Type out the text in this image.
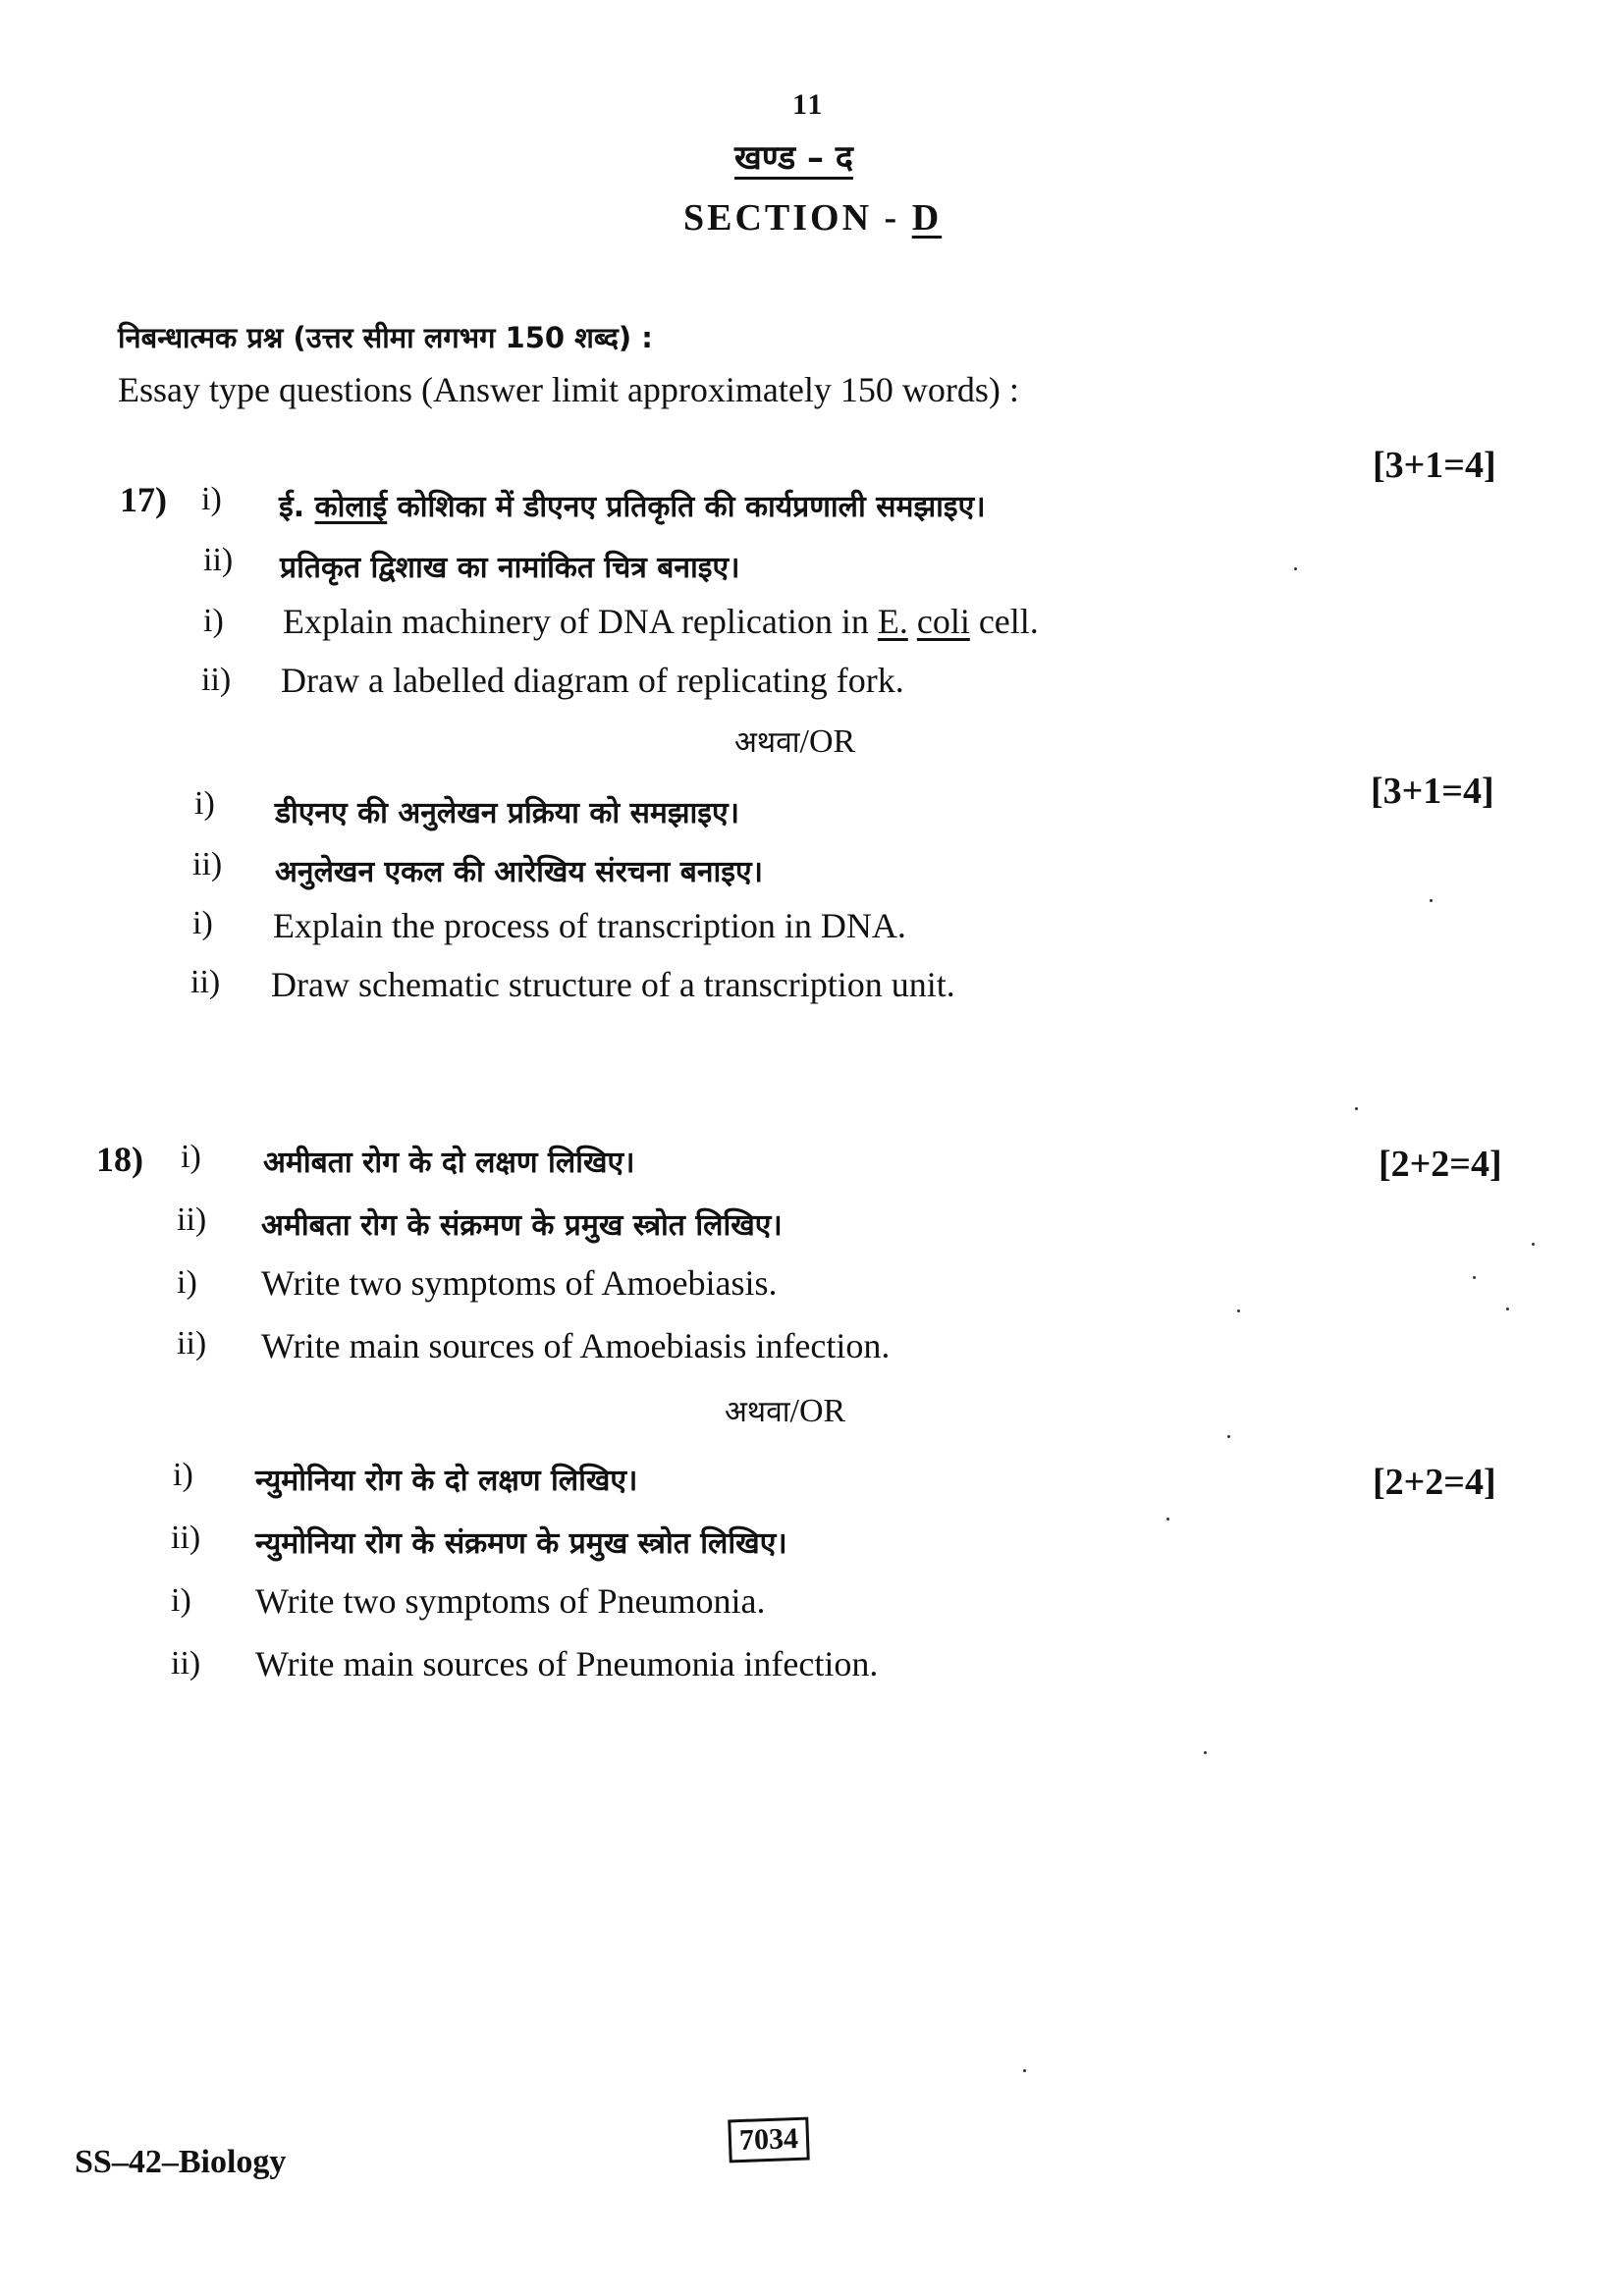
11
खण्ड – द
SECTION - D
निबन्धात्मक प्रश्न (उत्तर सीमा लगभग 150 शब्द) :
Essay type questions (Answer limit approximately 150 words) :
17)
[3+1=4]
i) ई. कोलाई कोशिका में डीएनए प्रतिकृति की कार्यप्रणाली समझाइए।
ii) प्रतिकृत द्विशाख का नामांकित चित्र बनाइए।
i) Explain machinery of DNA replication in E. coli cell.
ii) Draw a labelled diagram of replicating fork.
अथवा/OR
[3+1=4]
i) डीएनए की अनुलेखन प्रक्रिया को समझाइए।
ii) अनुलेखन एकल की आरेखिय संरचना बनाइए।
i) Explain the process of transcription in DNA.
ii) Draw schematic structure of a transcription unit.
18)	[2+2=4]
i) अमीबता रोग के दो लक्षण लिखिए।
ii) अमीबता रोग के संक्रमण के प्रमुख स्त्रोत लिखिए।
i) Write two symptoms of Amoebiasis.
ii) Write main sources of Amoebiasis infection.
अथवा/OR
[2+2=4]
i) न्युमोनिया रोग के दो लक्षण लिखिए।
ii) न्युमोनिया रोग के संक्रमण के प्रमुख स्त्रोत लिखिए।
i) Write two symptoms of Pneumonia.
ii) Write main sources of Pneumonia infection.
SS–42–Biology
7034
